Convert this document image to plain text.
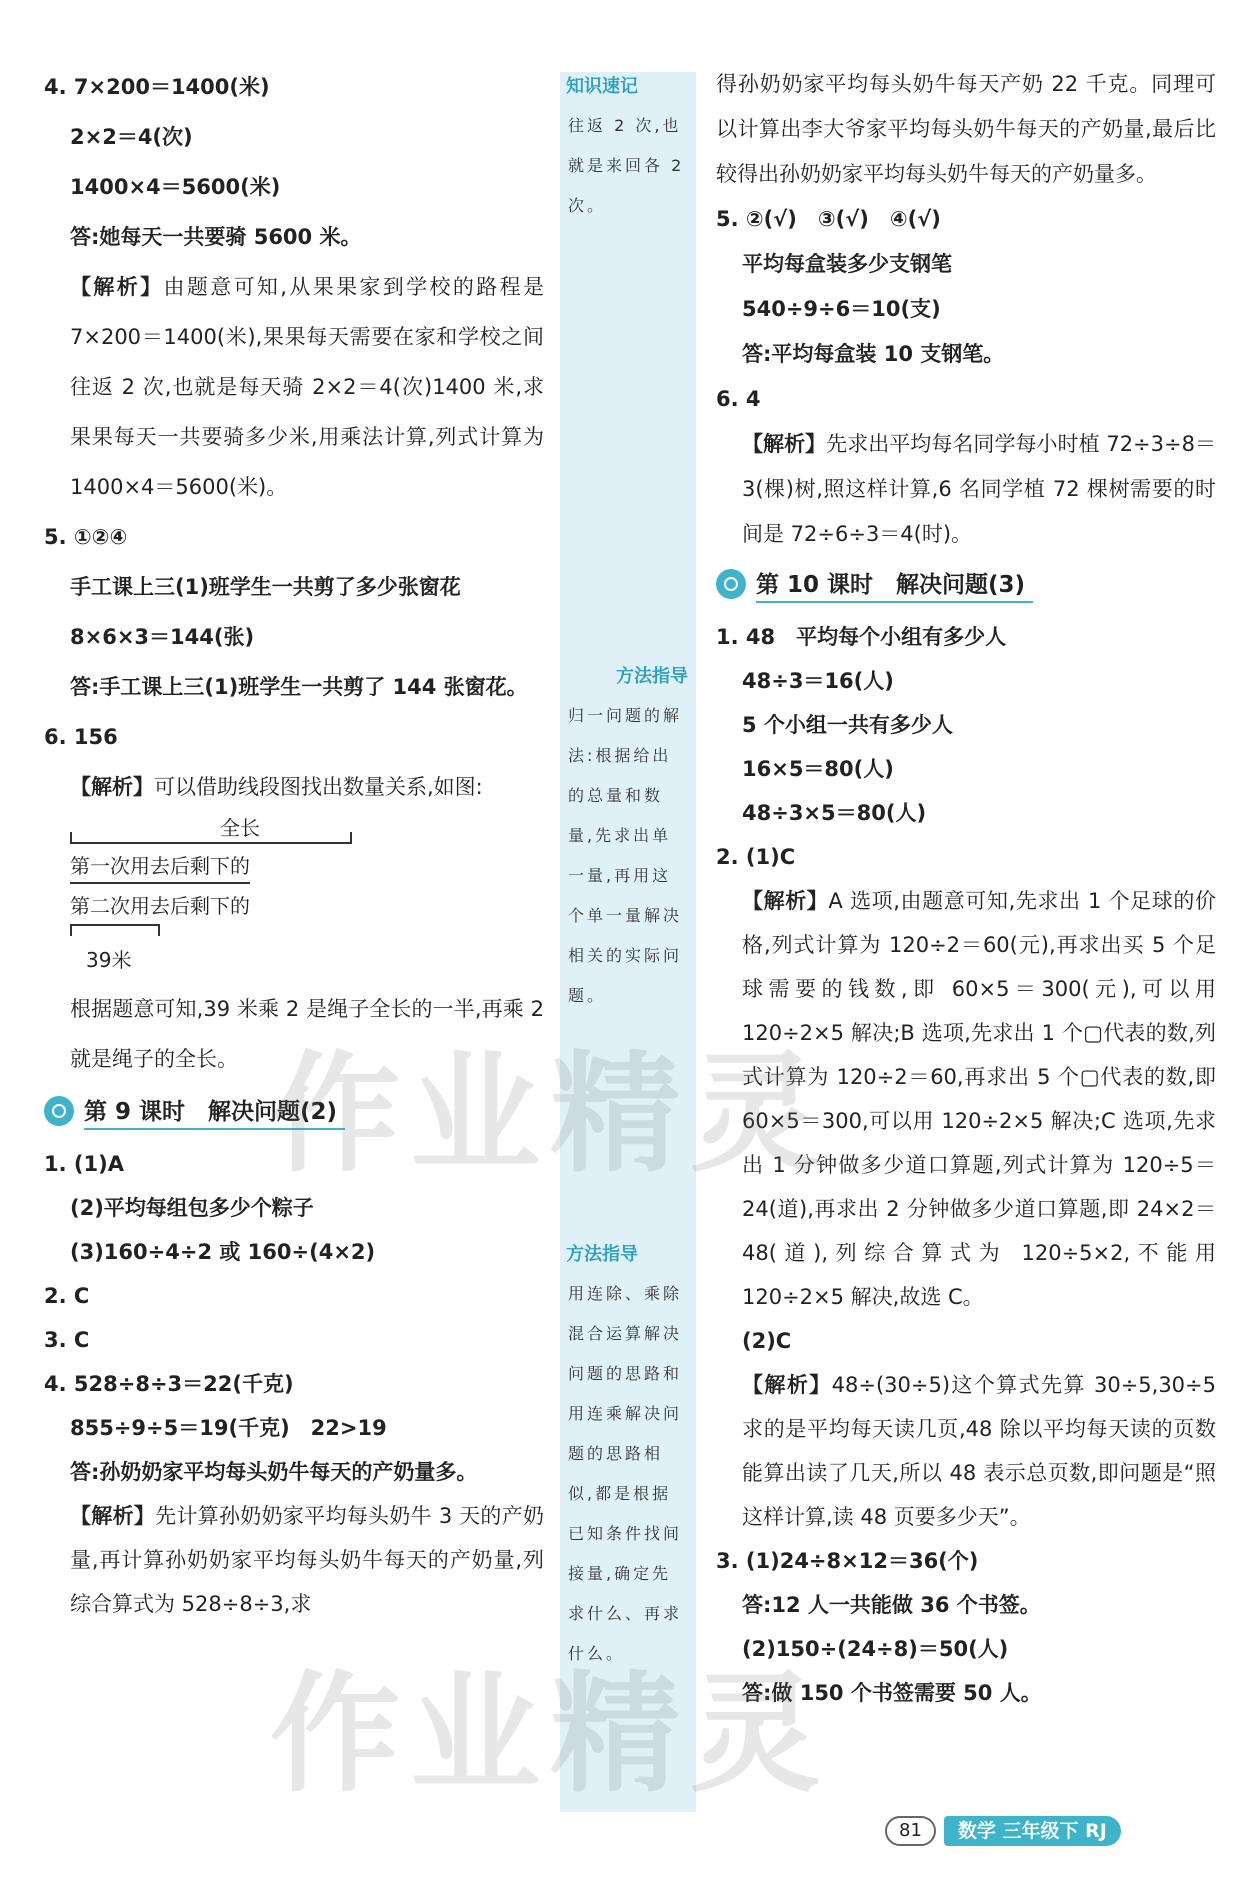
4. 7×200＝1400(米)
2×2＝4(次)
1400×4＝5600(米)
答:她每天一共要骑 5600 米。
【解析】由题意可知,从果果家到学校的路程是7×200＝1400(米),果果每天需要在家和学校之间往返 2 次,也就是每天骑 2×2＝4(次)1400 米,求果果每天一共要骑多少米,用乘法计算,列式计算为 1400×4＝5600(米)。
5. ①②④
手工课上三(1)班学生一共剪了多少张窗花
8×6×3＝144(张)
答:手工课上三(1)班学生一共剪了 144 张窗花。
6. 156
【解析】可以借助线段图找出数量关系,如图:
全长
第一次用去后剩下的
第二次用去后剩下的
39米
根据题意可知,39 米乘 2 是绳子全长的一半,再乘 2 就是绳子的全长。
第 9 课时　解决问题(2)
1. (1)A
(2)平均每组包多少个粽子
(3)160÷4÷2 或 160÷(4×2)
2. C
3. C
4. 528÷8÷3＝22(千克)
855÷9÷5＝19(千克)　22>19
答:孙奶奶家平均每头奶牛每天的产奶量多。
【解析】先计算孙奶奶家平均每头奶牛 3 天的产奶量,再计算孙奶奶家平均每头奶牛每天的产奶量,列综合算式为 528÷8÷3,求
知识速记
往返 2 次,也就是来回各 2 次。
方法指导
归一问题的解法:根据给出的总量和数量,先求出单一量,再用这个单一量解决相关的实际问题。
方法指导
用连除、乘除混合运算解决问题的思路和用连乘解决问题的思路相似,都是根据已知条件找间接量,确定先求什么、再求什么。
得孙奶奶家平均每头奶牛每天产奶 22 千克。同理可以计算出李大爷家平均每头奶牛每天的产奶量,最后比较得出孙奶奶家平均每头奶牛每天的产奶量多。
5. ②(√)　③(√)　④(√)
平均每盒装多少支钢笔
540÷9÷6＝10(支)
答:平均每盒装 10 支钢笔。
6. 4
【解析】先求出平均每名同学每小时植 72÷3÷8＝3(棵)树,照这样计算,6 名同学植 72 棵树需要的时间是 72÷6÷3＝4(时)。
第 10 课时　解决问题(3)
1. 48　平均每个小组有多少人
48÷3＝16(人)
5 个小组一共有多少人
16×5＝80(人)
48÷3×5＝80(人)
2. (1)C
【解析】A 选项,由题意可知,先求出 1 个足球的价格,列式计算为 120÷2＝60(元),再求出买 5 个足球需要的钱数,即 60×5＝300(元),可以用 120÷2×5 解决;B 选项,先求出 1 个▢代表的数,列式计算为 120÷2＝60,再求出 5 个▢代表的数,即 60×5＝300,可以用 120÷2×5 解决;C 选项,先求出 1 分钟做多少道口算题,列式计算为 120÷5＝24(道),再求出 2 分钟做多少道口算题,即 24×2＝48(道),列综合算式为 120÷5×2,不能用 120÷2×5 解决,故选 C。
(2)C
【解析】48÷(30÷5)这个算式先算 30÷5,30÷5 求的是平均每天读几页,48 除以平均每天读的页数能算出读了几天,所以 48 表示总页数,即问题是“照这样计算,读 48 页要多少天”。
3. (1)24÷8×12＝36(个)
答:12 人一共能做 36 个书签。
(2)150÷(24÷8)＝50(人)
答:做 150 个书签需要 50 人。
作业精灵
作业精灵
81	数学 三年级下 RJ
